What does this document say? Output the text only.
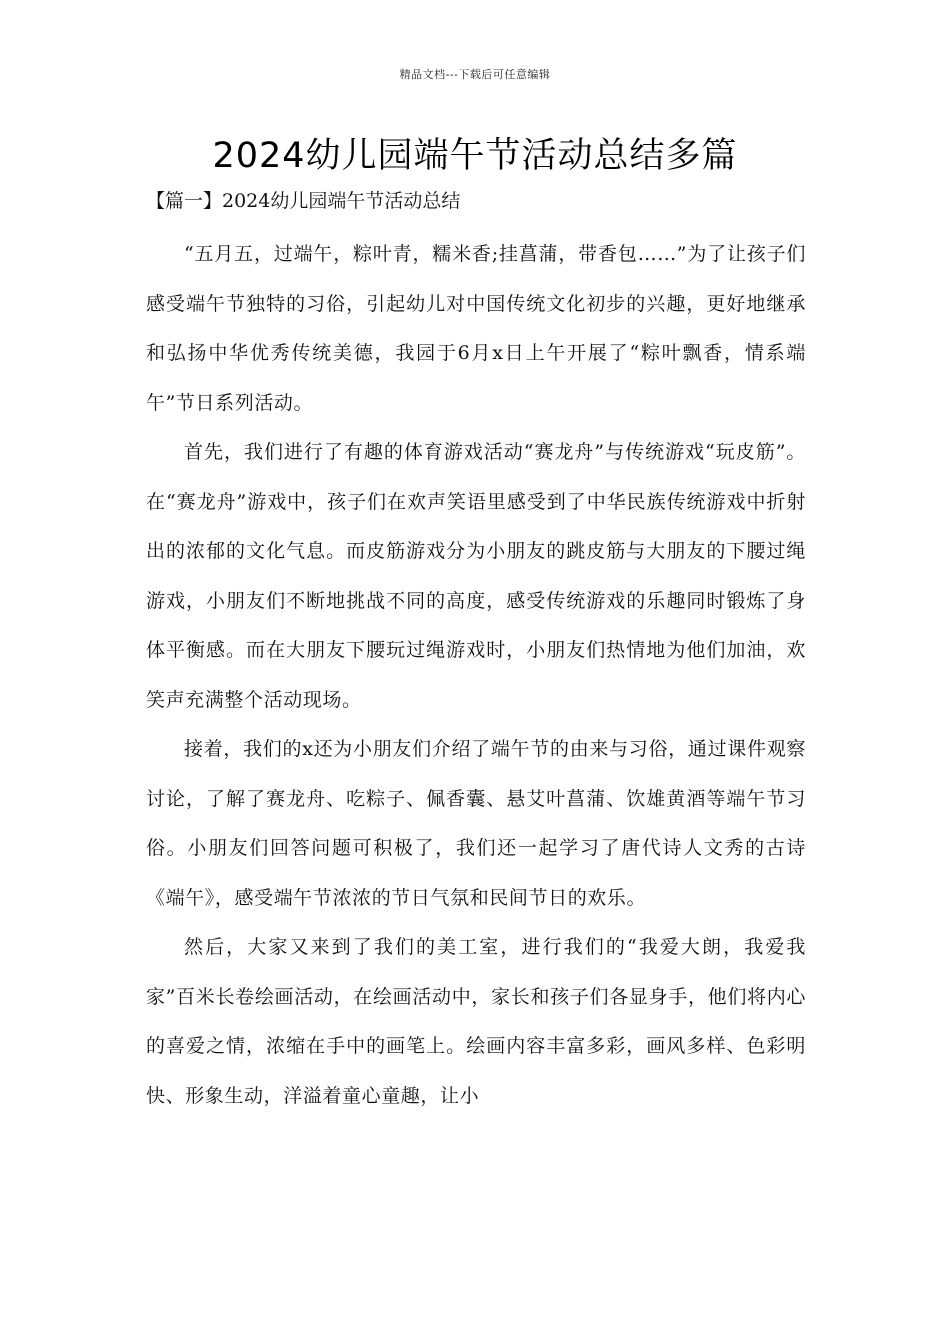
精品文档---下载后可任意编辑
2024幼儿园端午节活动总结多篇
【篇一】2024幼儿园端午节活动总结

“五月五，过端午，粽叶青，糯米香;挂菖蒲，带香包……”为了让孩子们感受端午节独特的习俗，引起幼儿对中国传统文化初步的兴趣，更好地继承和弘扬中华优秀传统美德，我园于6月x日上午开展了“粽叶飘香，情系端午”节日系列活动。

首先，我们进行了有趣的体育游戏活动“赛龙舟”与传统游戏“玩皮筋”。在“赛龙舟”游戏中，孩子们在欢声笑语里感受到了中华民族传统游戏中折射出的浓郁的文化气息。而皮筋游戏分为小朋友的跳皮筋与大朋友的下腰过绳游戏，小朋友们不断地挑战不同的高度，感受传统游戏的乐趣同时锻炼了身体平衡感。而在大朋友下腰玩过绳游戏时，小朋友们热情地为他们加油，欢笑声充满整个活动现场。

接着，我们的x还为小朋友们介绍了端午节的由来与习俗，通过课件观察讨论，了解了赛龙舟、吃粽子、佩香囊、悬艾叶菖蒲、饮雄黄酒等端午节习俗。小朋友们回答问题可积极了，我们还一起学习了唐代诗人文秀的古诗《端午》，感受端午节浓浓的节日气氛和民间节日的欢乐。

然后，大家又来到了我们的美工室，进行我们的“我爱大朗，我爱我家”百米长卷绘画活动，在绘画活动中，家长和孩子们各显身手，他们将内心的喜爱之情，浓缩在手中的画笔上。绘画内容丰富多彩，画风多样、色彩明快、形象生动，洋溢着童心童趣，让小
